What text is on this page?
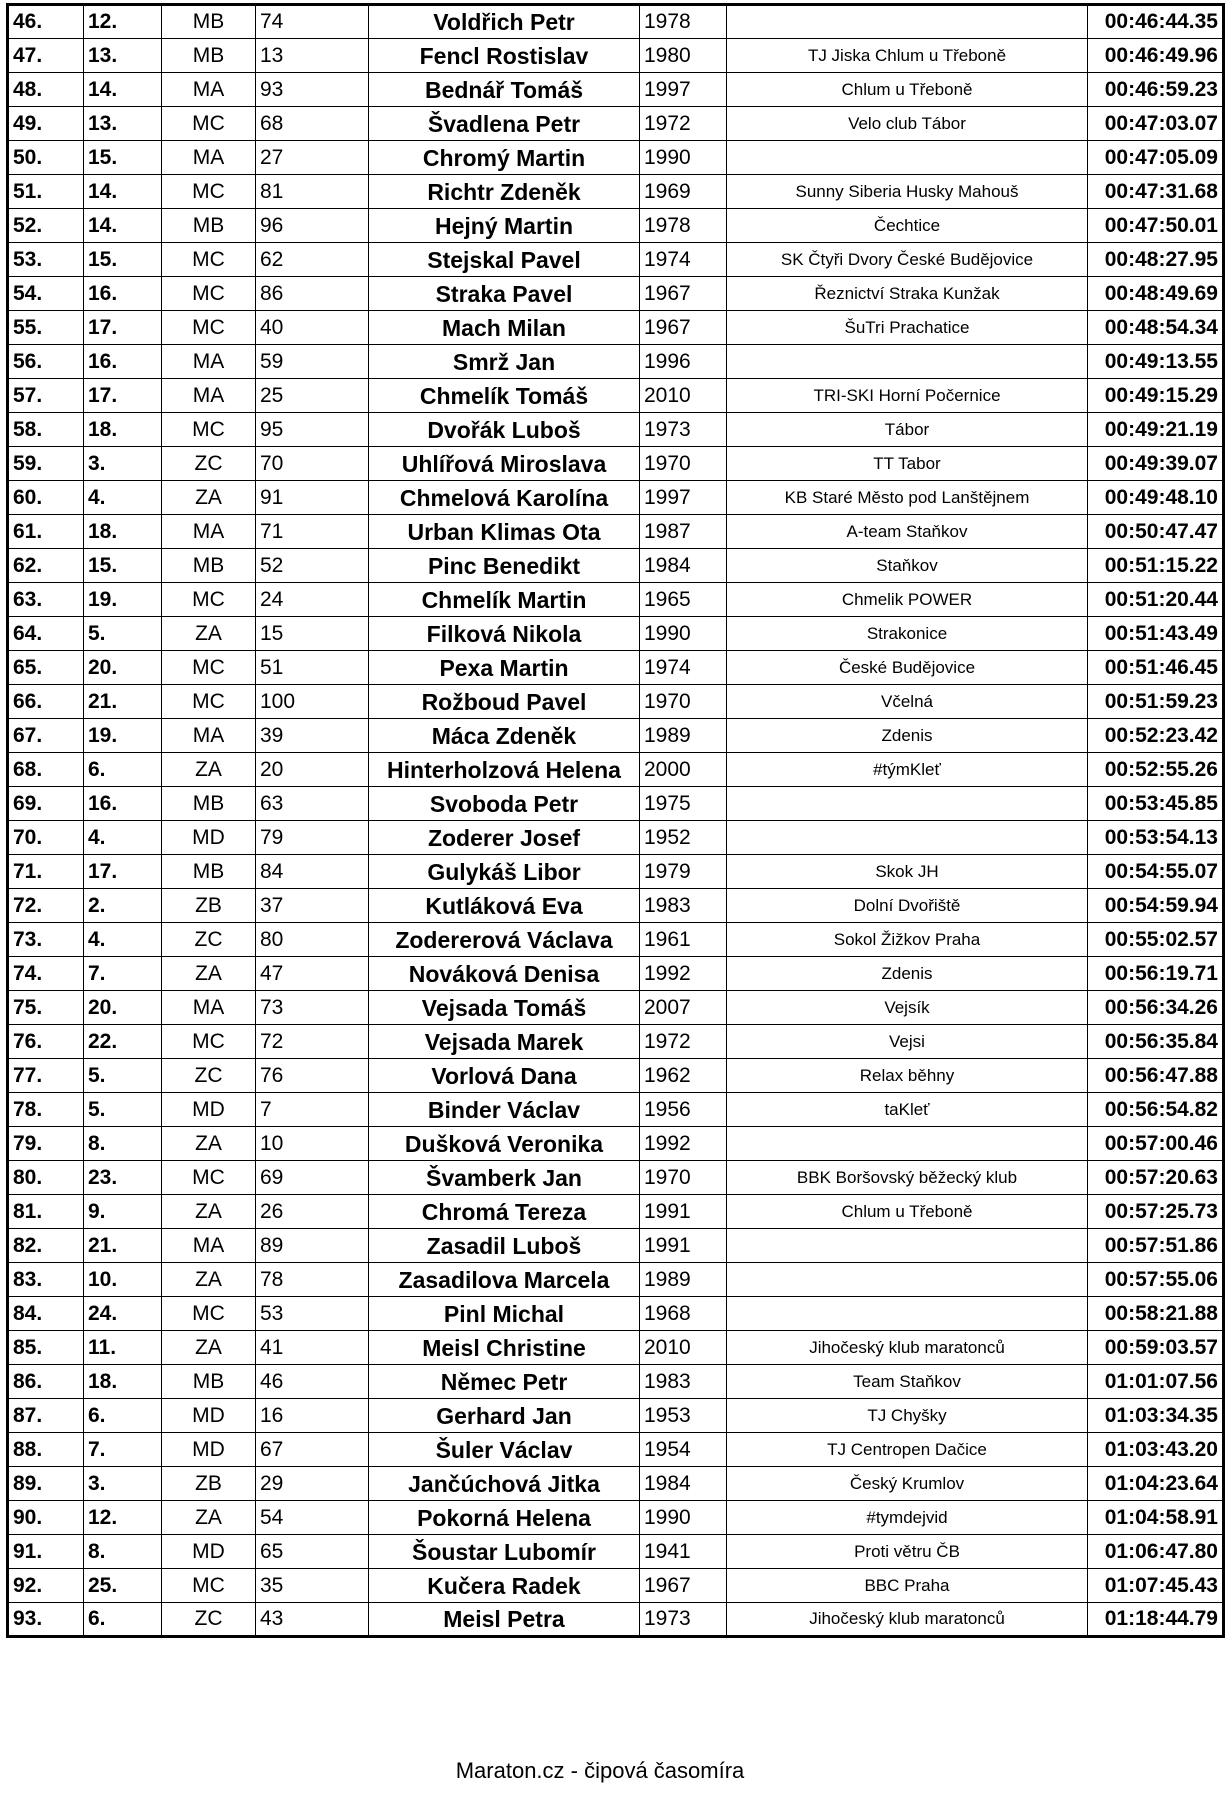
46.	12.	MB	74	Voldřich Petr	1978		00:46:44.35
47.	13.	MB	13	Fencl Rostislav	1980	TJ Jiska Chlum u Třeboně	00:46:49.96
48.	14.	MA	93	Bednář Tomáš	1997	Chlum u Třeboně	00:46:59.23
49.	13.	MC	68	Švadlena Petr	1972	Velo club Tábor	00:47:03.07
50.	15.	MA	27	Chromý Martin	1990		00:47:05.09
51.	14.	MC	81	Richtr Zdeněk	1969	Sunny Siberia Husky Mahouš	00:47:31.68
52.	14.	MB	96	Hejný Martin	1978	Čechtice	00:47:50.01
53.	15.	MC	62	Stejskal Pavel	1974	SK Čtyři Dvory České Budějovice	00:48:27.95
54.	16.	MC	86	Straka Pavel	1967	Řeznictví Straka Kunžak	00:48:49.69
55.	17.	MC	40	Mach Milan	1967	ŠuTri Prachatice	00:48:54.34
56.	16.	MA	59	Smrž Jan	1996		00:49:13.55
57.	17.	MA	25	Chmelík Tomáš	2010	TRI-SKI Horní Počernice	00:49:15.29
58.	18.	MC	95	Dvořák Luboš	1973	Tábor	00:49:21.19
59.	3.	ZC	70	Uhlířová Miroslava	1970	TT Tabor	00:49:39.07
60.	4.	ZA	91	Chmelová Karolína	1997	KB Staré Město pod Lanštějnem	00:49:48.10
61.	18.	MA	71	Urban Klimas Ota	1987	A-team Staňkov	00:50:47.47
62.	15.	MB	52	Pinc Benedikt	1984	Staňkov	00:51:15.22
63.	19.	MC	24	Chmelík Martin	1965	Chmelik POWER	00:51:20.44
64.	5.	ZA	15	Filková Nikola	1990	Strakonice	00:51:43.49
65.	20.	MC	51	Pexa Martin	1974	České Budějovice	00:51:46.45
66.	21.	MC	100	Rožboud Pavel	1970	Včelná	00:51:59.23
67.	19.	MA	39	Máca Zdeněk	1989	Zdenis	00:52:23.42
68.	6.	ZA	20	Hinterholzová Helena	2000	#týmKleť	00:52:55.26
69.	16.	MB	63	Svoboda Petr	1975		00:53:45.85
70.	4.	MD	79	Zoderer Josef	1952		00:53:54.13
71.	17.	MB	84	Gulykáš Libor	1979	Skok JH	00:54:55.07
72.	2.	ZB	37	Kutláková Eva	1983	Dolní Dvořiště	00:54:59.94
73.	4.	ZC	80	Zodererová Václava	1961	Sokol Žižkov Praha	00:55:02.57
74.	7.	ZA	47	Nováková Denisa	1992	Zdenis	00:56:19.71
75.	20.	MA	73	Vejsada Tomáš	2007	Vejsík	00:56:34.26
76.	22.	MC	72	Vejsada Marek	1972	Vejsi	00:56:35.84
77.	5.	ZC	76	Vorlová Dana	1962	Relax běhny	00:56:47.88
78.	5.	MD	7	Binder Václav	1956	taKleť	00:56:54.82
79.	8.	ZA	10	Dušková Veronika	1992		00:57:00.46
80.	23.	MC	69	Švamberk Jan	1970	BBK Boršovský běžecký klub	00:57:20.63
81.	9.	ZA	26	Chromá Tereza	1991	Chlum u Třeboně	00:57:25.73
82.	21.	MA	89	Zasadil Luboš	1991		00:57:51.86
83.	10.	ZA	78	Zasadilova Marcela	1989		00:57:55.06
84.	24.	MC	53	Pinl Michal	1968		00:58:21.88
85.	11.	ZA	41	Meisl Christine	2010	Jihočeský klub maratonců	00:59:03.57
86.	18.	MB	46	Němec Petr	1983	Team Staňkov	01:01:07.56
87.	6.	MD	16	Gerhard Jan	1953	TJ Chyšky	01:03:34.35
88.	7.	MD	67	Šuler Václav	1954	TJ Centropen Dačice	01:03:43.20
89.	3.	ZB	29	Jančúchová Jitka	1984	Český Krumlov	01:04:23.64
90.	12.	ZA	54	Pokorná Helena	1990	#tymdejvid	01:04:58.91
91.	8.	MD	65	Šoustar Lubomír	1941	Proti větru ČB	01:06:47.80
92.	25.	MC	35	Kučera Radek	1967	BBC Praha	01:07:45.43
93.	6.	ZC	43	Meisl Petra	1973	Jihočeský klub maratonců	01:18:44.79
Maraton.cz - čipová časomíra
